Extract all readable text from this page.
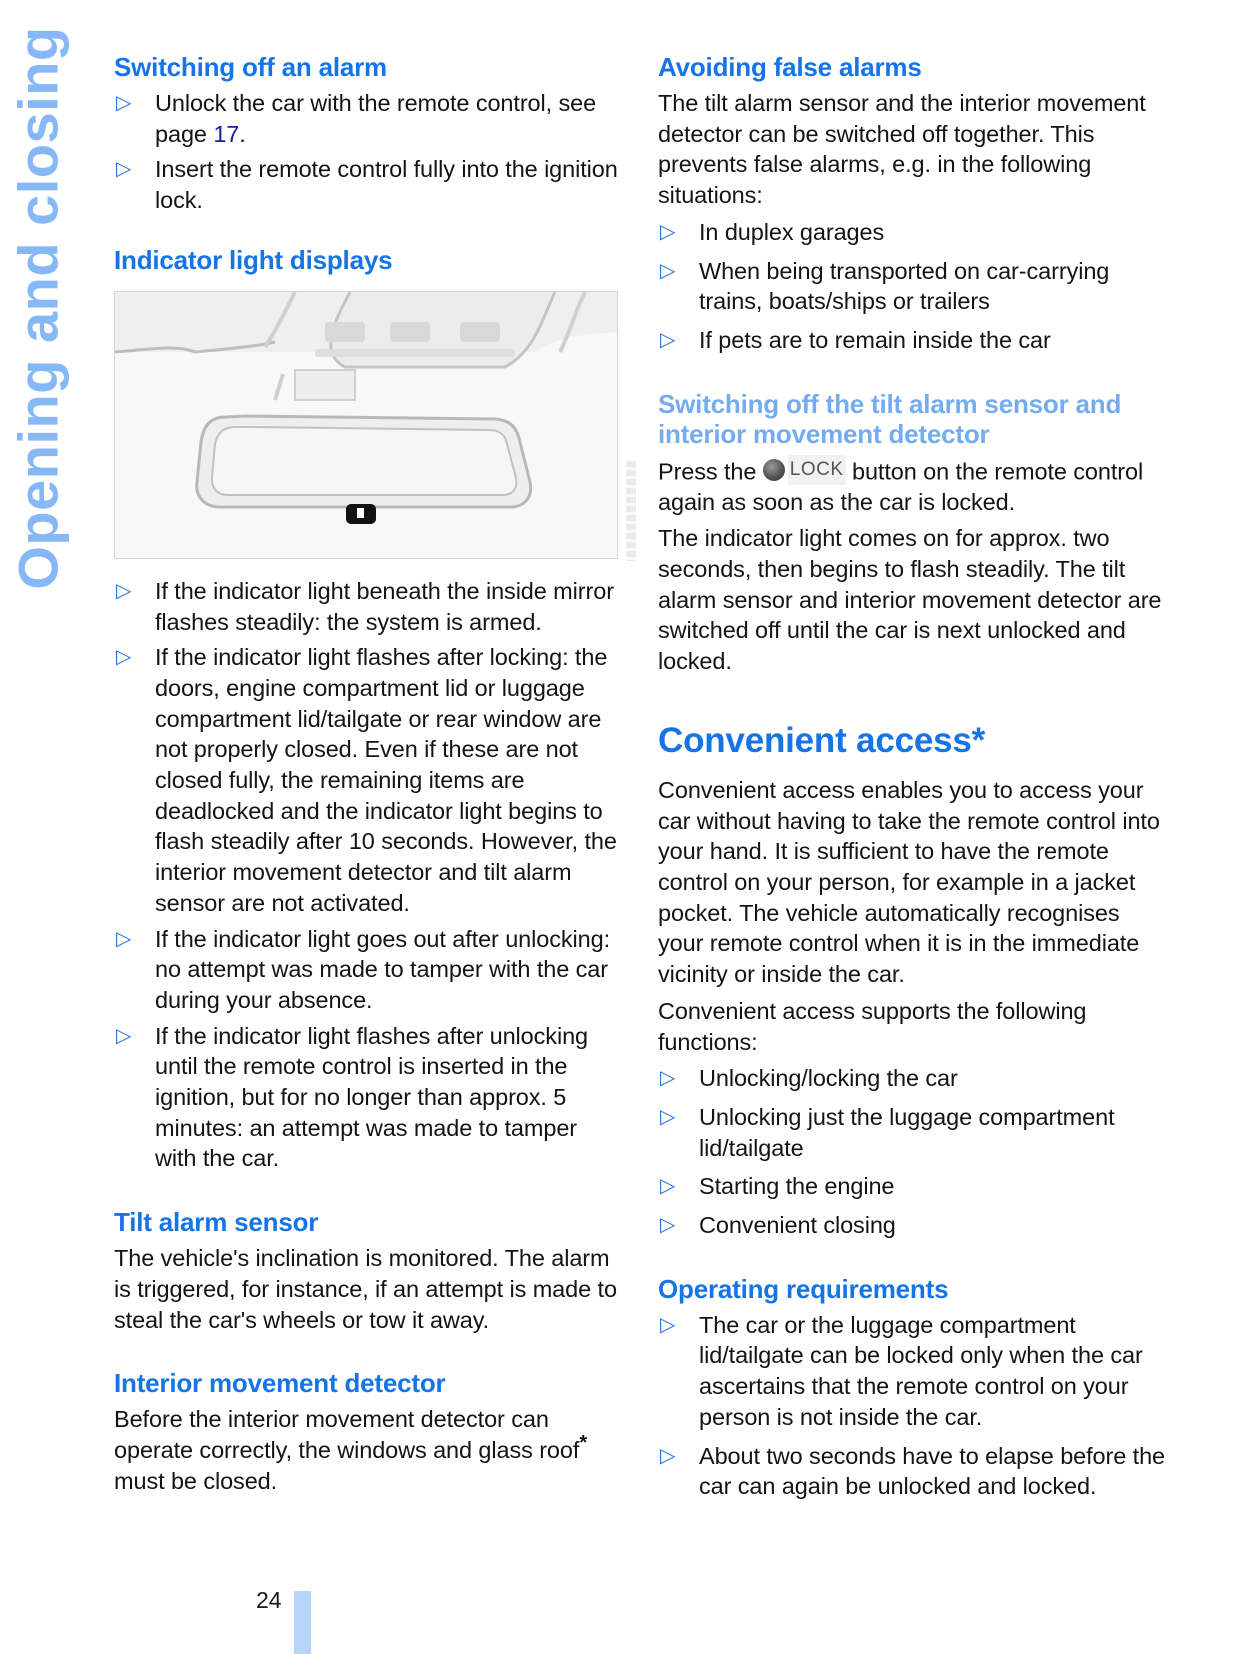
Opening and closing Switching off an alarm
▷ Unlock the car with the remote control, see page 17.
▷ Insert the remote control fully into the ignition lock.
Indicator light displays
▷ If the indicator light beneath the inside mirror flashes steadily: the system is armed.
▷ If the indicator light flashes after locking: the doors, engine compartment lid or luggage compartment lid/tailgate or rear window are not properly closed. Even if these are not closed fully, the remaining items are deadlocked and the indicator light begins to flash steadily after 10 seconds. However, the interior movement detector and tilt alarm sensor are not activated.
▷ If the indicator light goes out after unlocking: no attempt was made to tamper with the car during your absence.
▷ If the indicator light flashes after unlocking until the remote control is inserted in the ignition, but for no longer than approx. 5 minutes: an attempt was made to tamper with the car.
Tilt alarm sensor

The vehicle's inclination is monitored. The alarm is triggered, for instance, if an attempt is made to steal the car's wheels or tow it away.

Interior movement detector

Before the interior movement detector can operate correctly, the windows and glass roof* must be closed.

Avoiding false alarms

The tilt alarm sensor and the interior movement detector can be switched off together. This prevents false alarms, e.g. in the following situations:

▷ In duplex garages
▷ When being transported on car-carrying trains, boats/ships or trailers
▷ If pets are to remain inside the car
Switching off the tilt alarm sensor and interior movement detector

Press the LOCK button on the remote control again as soon as the car is locked.

The indicator light comes on for approx. two seconds, then begins to flash steadily. The tilt alarm sensor and interior movement detector are switched off until the car is next unlocked and locked.

Convenient access*

Convenient access enables you to access your car without having to take the remote control into your hand. It is sufficient to have the remote control on your person, for example in a jacket pocket. The vehicle automatically recognises your remote control when it is in the immediate vicinity or inside the car.

Convenient access supports the following functions:

▷ Unlocking/locking the car
▷ Unlocking just the luggage compartment lid/tailgate
▷ Starting the engine
▷ Convenient closing
Operating requirements
▷ The car or the luggage compartment lid/tailgate can be locked only when the car ascertains that the remote control on your person is not inside the car.
▷ About two seconds have to elapse before the car can again be unlocked and locked.
24
